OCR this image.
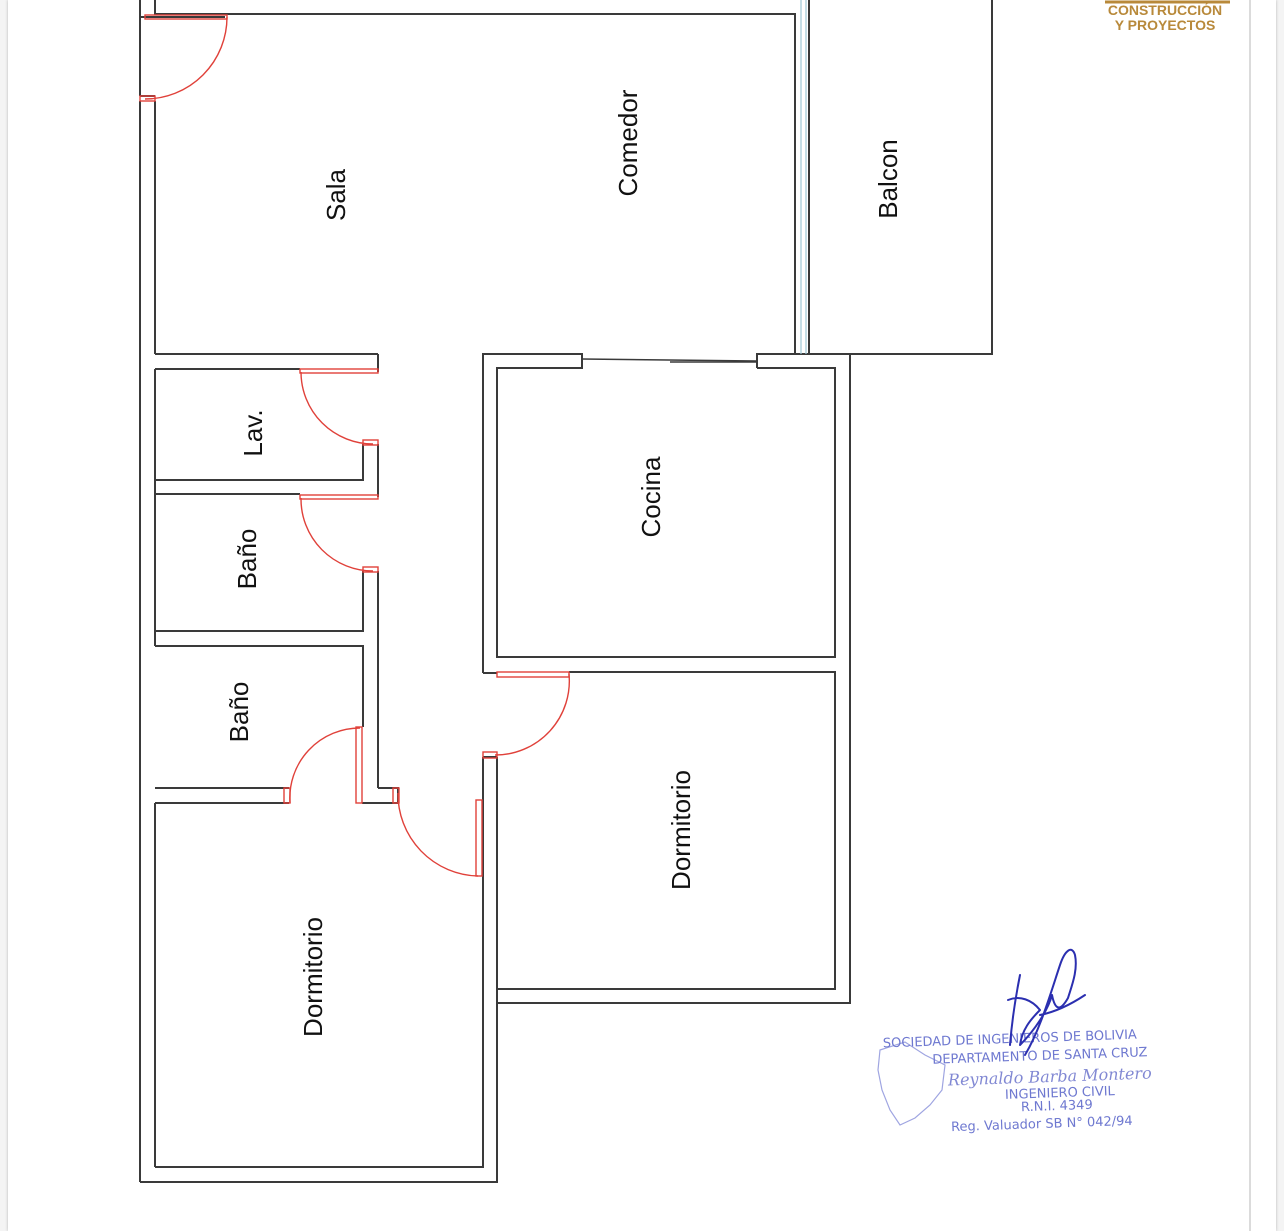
CONSTRUCCIÓN
Y PROYECTOS
Sala	Comedor	Balcon
Lav.
Baño
Baño
Cocina
Dormitorio
Dormitorio
SOCIEDAD DE INGENIEROS DE BOLIVIA
DEPARTAMENTO DE SANTA CRUZ
Reynaldo Barba Montero
INGENIERO CIVIL
R.N.I. 4349
Reg. Valuador SB N° 042/94
